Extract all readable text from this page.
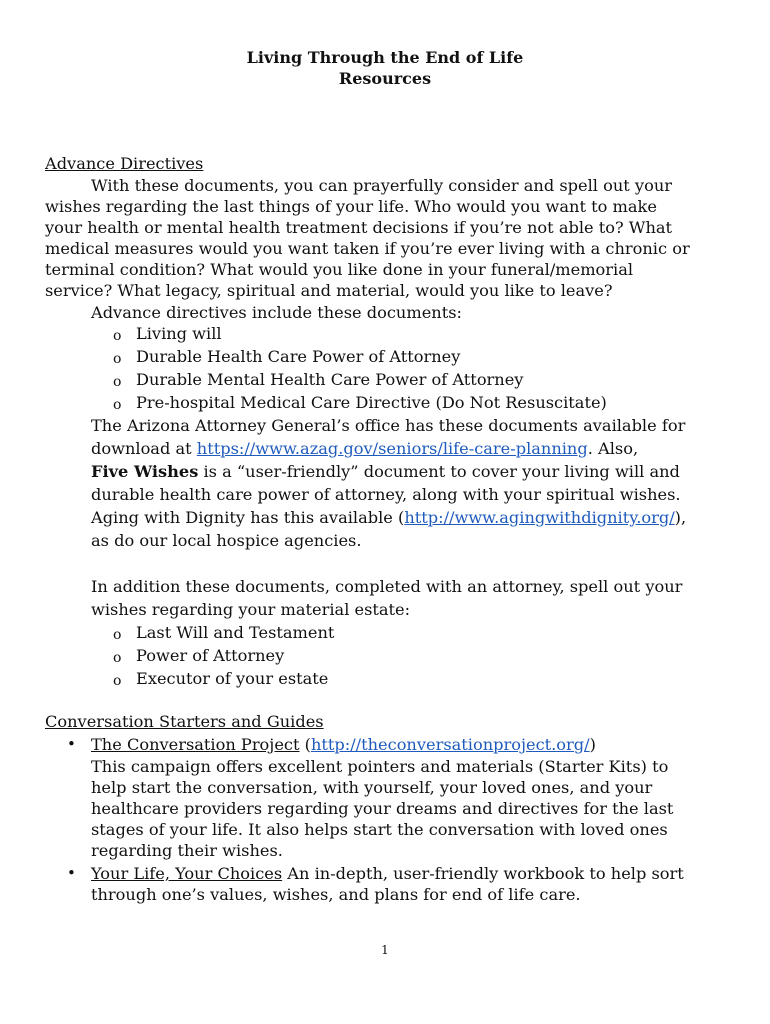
Living Through the End of Life
Resources
Advance Directives
With these documents, you can prayerfully consider and spell out your
wishes regarding the last things of your life. Who would you want to make
your health or mental health treatment decisions if you’re not able to? What
medical measures would you want taken if you’re ever living with a chronic or
terminal condition? What would you like done in your funeral/memorial
service? What legacy, spiritual and material, would you like to leave?
Advance directives include these documents:
o Living will
o Durable Health Care Power of Attorney
o Durable Mental Health Care Power of Attorney
o Pre-hospital Medical Care Directive (Do Not Resuscitate)
The Arizona Attorney General’s office has these documents available for
download at https://www.azag.gov/seniors/life-care-planning. Also,
Five Wishes is a “user-friendly” document to cover your living will and
durable health care power of attorney, along with your spiritual wishes.
Aging with Dignity has this available (http://www.agingwithdignity.org/),
as do our local hospice agencies.
In addition these documents, completed with an attorney, spell out your
wishes regarding your material estate:
o Last Will and Testament
o Power of Attorney
o Executor of your estate
Conversation Starters and Guides
• The Conversation Project (http://theconversationproject.org/)
This campaign offers excellent pointers and materials (Starter Kits) to
help start the conversation, with yourself, your loved ones, and your
healthcare providers regarding your dreams and directives for the last
stages of your life. It also helps start the conversation with loved ones
regarding their wishes.
• Your Life, Your Choices An in-depth, user-friendly workbook to help sort
through one’s values, wishes, and plans for end of life care.
1
